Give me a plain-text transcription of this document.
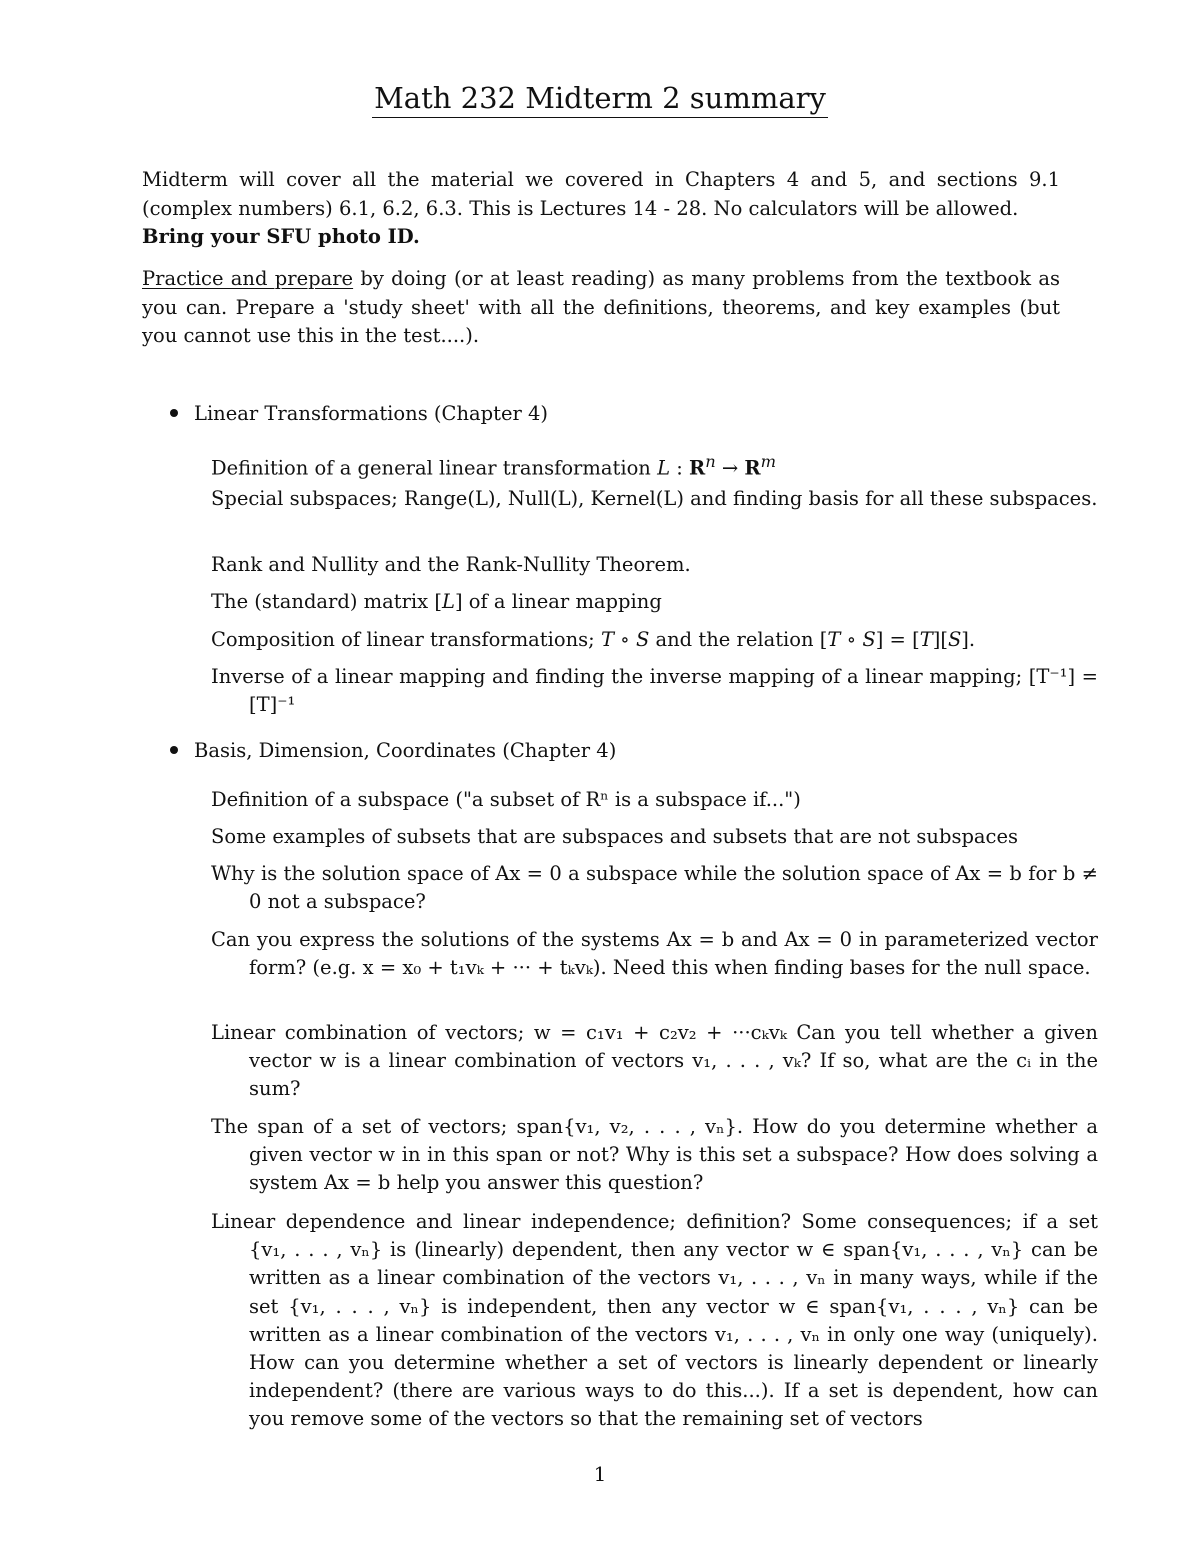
Math 232 Midterm 2 summary

Midterm will cover all the material we covered in Chapters 4 and 5, and sections 9.1 (complex numbers) 6.1, 6.2, 6.3. This is Lectures 14 - 28. No calculators will be allowed.
Bring your SFU photo ID.

Practice and prepare by doing (or at least reading) as many problems from the textbook as you can. Prepare a 'study sheet' with all the definitions, theorems, and key examples (but you cannot use this in the test....).

Linear Transformations (Chapter 4)

Definition of a general linear transformation L : $R^n \to R^m$

Special subspaces; Range(L), Null(L), Kernel(L) and finding basis for all these subspaces.

Rank and Nullity and the Rank-Nullity Theorem.

The (standard) matrix [L] of a linear mapping

Composition of linear transformations; T ∘ S and the relation [T ∘ S] = [T][S].

Inverse of a linear mapping and finding the inverse mapping of a linear mapping; [T⁻¹] = [T]⁻¹

Basis, Dimension, Coordinates (Chapter 4)

Definition of a subspace ("a subset of Rⁿ is a subspace if...")

Some examples of subsets that are subspaces and subsets that are not subspaces

Why is the solution space of Ax = 0 a subspace while the solution space of Ax = b for b ≠ 0 not a subspace?

Can you express the solutions of the systems Ax = b and Ax = 0 in parameterized vector form? (e.g. x = x₀ + t₁vₖ + ··· + tₖvₖ). Need this when finding bases for the null space.

Linear combination of vectors; w = c₁v₁ + c₂v₂ + ···cₖvₖ Can you tell whether a given vector w is a linear combination of vectors v₁, . . . , vₖ? If so, what are the cᵢ in the sum?

The span of a set of vectors; span{v₁, v₂, . . . , vₙ}. How do you determine whether a given vector w in in this span or not? Why is this set a subspace? How does solving a system Ax = b help you answer this question?

Linear dependence and linear independence; definition? Some consequences; if a set {v₁, . . . , vₙ} is (linearly) dependent, then any vector w ∈ span{v₁, . . . , vₙ} can be written as a linear combination of the vectors v₁, . . . , vₙ in many ways, while if the set {v₁, . . . , vₙ} is independent, then any vector w ∈ span{v₁, . . . , vₙ} can be written as a linear combination of the vectors v₁, . . . , vₙ in only one way (uniquely). How can you determine whether a set of vectors is linearly dependent or linearly independent? (there are various ways to do this...). If a set is dependent, how can you remove some of the vectors so that the remaining set of vectors

1
